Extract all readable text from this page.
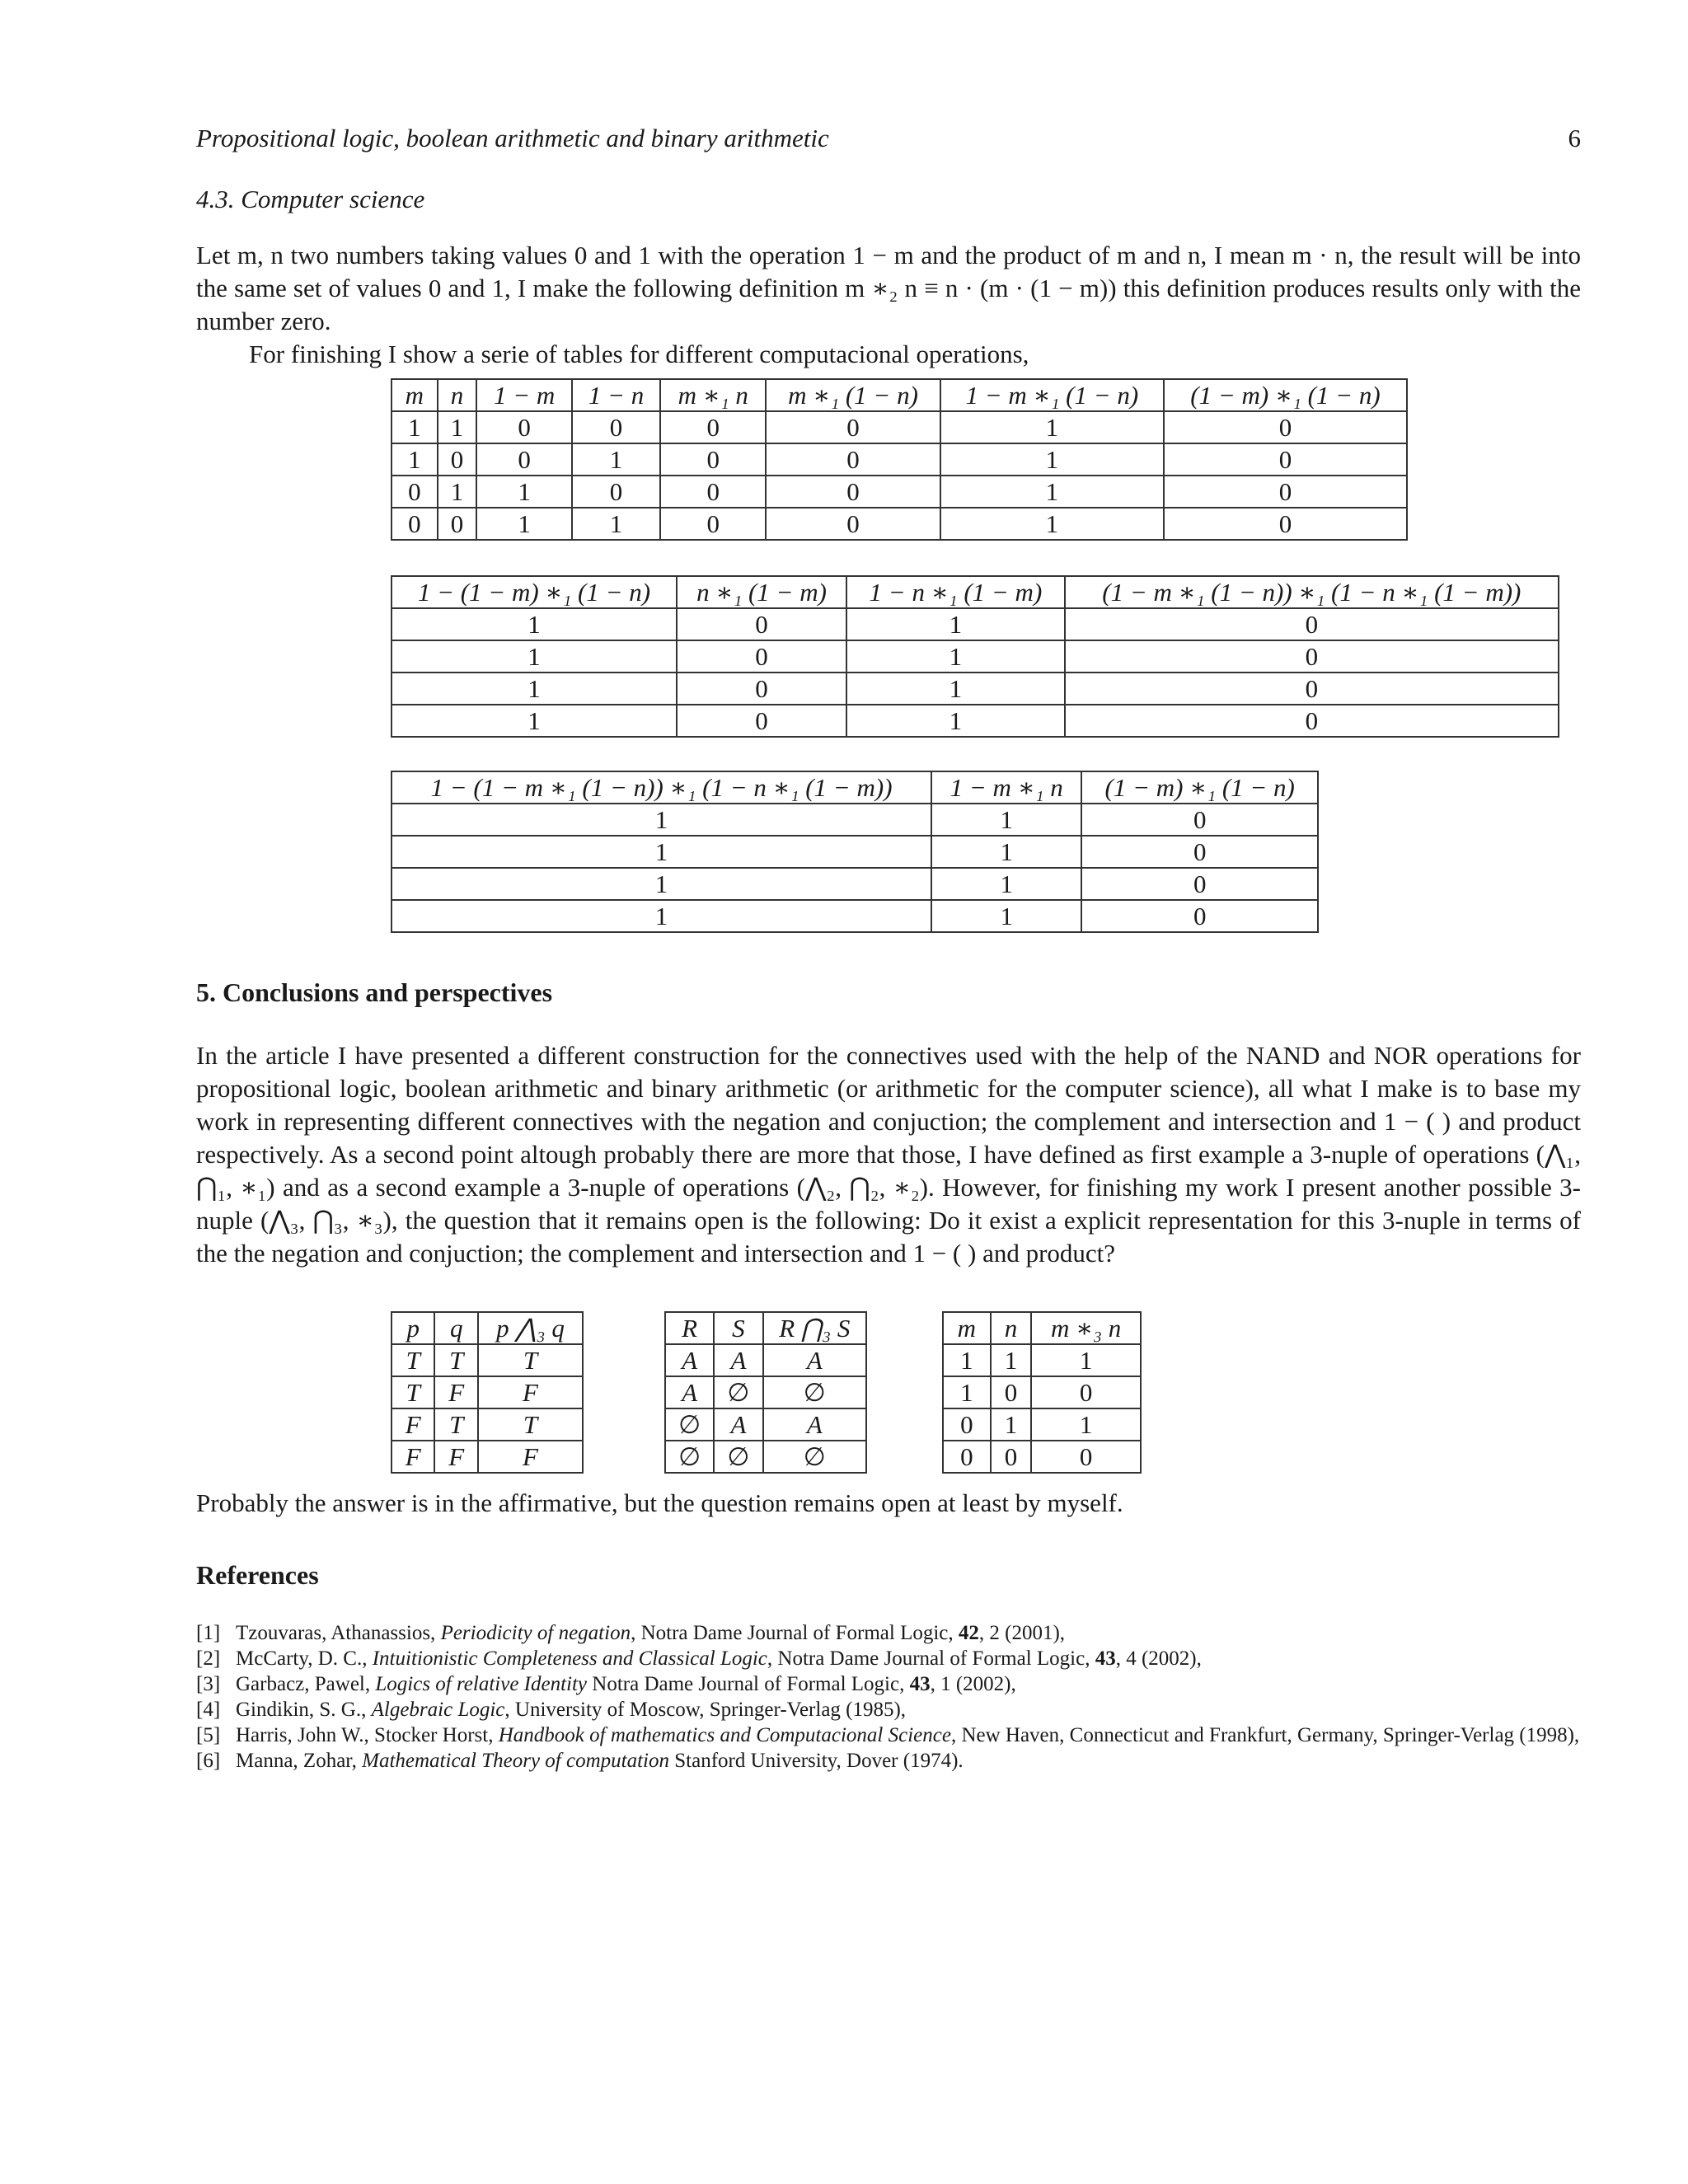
Propositional logic, boolean arithmetic and binary arithmetic	6
4.3. Computer science
Let m, n two numbers taking values 0 and 1 with the operation 1 − m and the product of m and n, I mean m · n, the result will be into the same set of values 0 and 1, I make the following definition m ∗₂ n ≡ n · (m · (1 − m)) this definition produces results only with the number zero.
For finishing I show a serie of tables for different computacional operations,
m	n	1 − m	1 − n	m ∗₁ n	m ∗₁ (1 − n)	1 − m ∗₁ (1 − n)	(1 − m) ∗₁ (1 − n)
1	1	0	0	0	0	1	0
1	0	0	1	0	0	1	0
0	1	1	0	0	0	1	0
0	0	1	1	0	0	1	0
1 − (1 − m) ∗₁ (1 − n)	n ∗₁ (1 − m)	1 − n ∗₁ (1 − m)	(1 − m ∗₁ (1 − n)) ∗₁ (1 − n ∗₁ (1 − m))
1	0	1	0
1	0	1	0
1	0	1	0
1	0	1	0
1 − (1 − m ∗₁ (1 − n)) ∗₁ (1 − n ∗₁ (1 − m))	1 − m ∗₁ n	(1 − m) ∗₁ (1 − n)
1	1	0
1	1	0
1	1	0
1	1	0
5. Conclusions and perspectives
In the article I have presented a different construction for the connectives used with the help of the NAND and NOR operations for propositional logic, boolean arithmetic and binary arithmetic (or arithmetic for the computer science), all what I make is to base my work in representing different connectives with the negation and conjuction; the complement and intersection and 1 − ( ) and product respectively. As a second point altough probably there are more that those, I have defined as first example a 3-nuple of operations (⋀₁, ⋂₁, ∗₁) and as a second example a 3-nuple of operations (⋀₂, ⋂₂, ∗₂). However, for finishing my work I present another possible 3-nuple (⋀₃, ⋂₃, ∗₃), the question that it remains open is the following: Do it exist a explicit representation for this 3-nuple in terms of the the negation and conjuction; the complement and intersection and 1 − ( ) and product?
p	q	p ⋀₃ q
T	T	T
T	F	F
F	T	T
F	F	F
R	S	R ⋂₃ S
A	A	A
A	∅	∅
∅	A	A
∅	∅	∅
m	n	m ∗₃ n
1	1	1
1	0	0
0	1	1
0	0	0
Probably the answer is in the affirmative, but the question remains open at least by myself.
References
[1] Tzouvaras, Athanassios, Periodicity of negation, Notra Dame Journal of Formal Logic, 42, 2 (2001),
[2] McCarty, D. C., Intuitionistic Completeness and Classical Logic, Notra Dame Journal of Formal Logic, 43, 4 (2002),
[3] Garbacz, Pawel, Logics of relative Identity Notra Dame Journal of Formal Logic, 43, 1 (2002),
[4] Gindikin, S. G., Algebraic Logic, University of Moscow, Springer-Verlag (1985),
[5] Harris, John W., Stocker Horst, Handbook of mathematics and Computacional Science, New Haven, Connecticut and Frankfurt, Germany, Springer-Verlag (1998),
[6] Manna, Zohar, Mathematical Theory of computation Stanford University, Dover (1974).
